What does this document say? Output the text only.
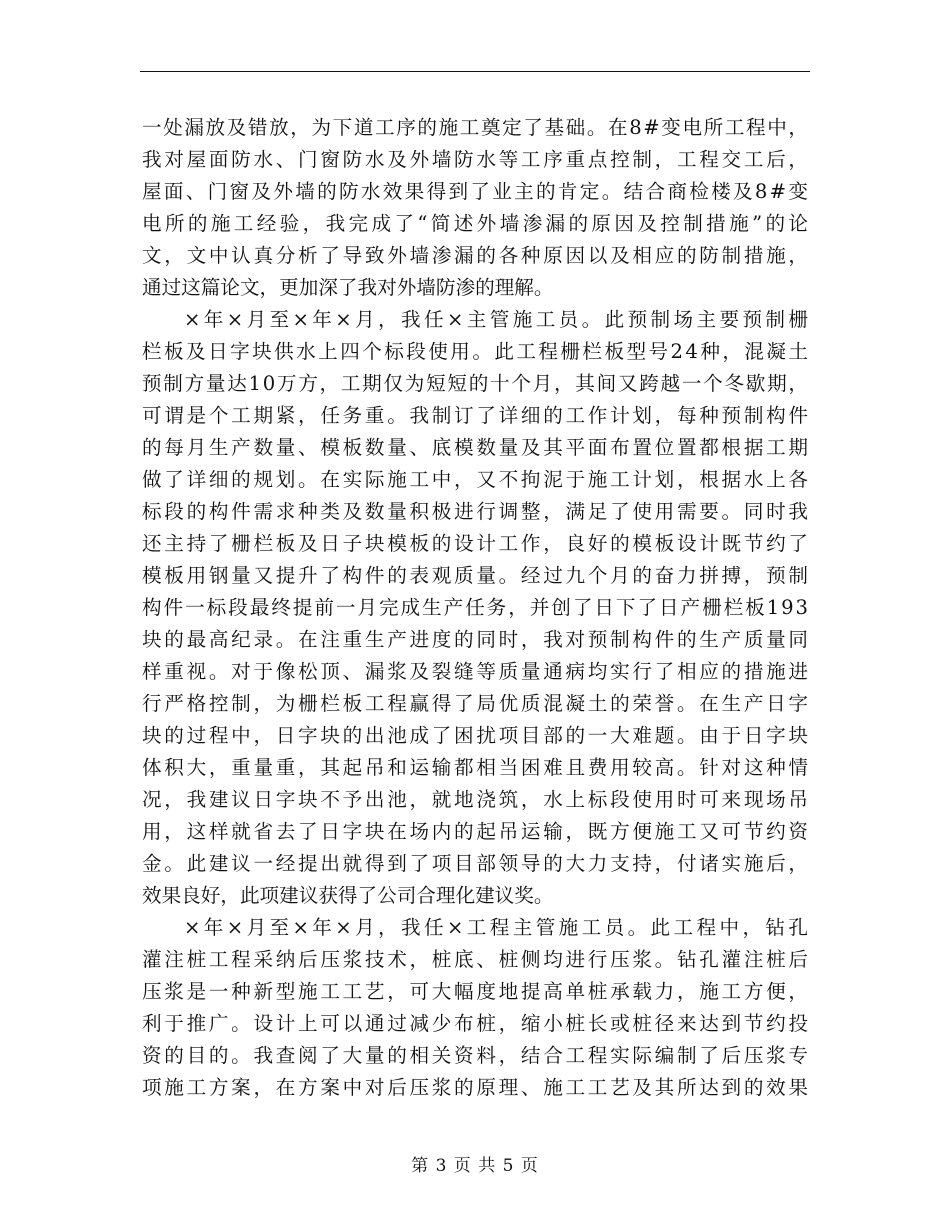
一处漏放及错放，为下道工序的施工奠定了基础。在8#变电所工程中，
我对屋面防水、门窗防水及外墙防水等工序重点控制，工程交工后，
屋面、门窗及外墙的防水效果得到了业主的肯定。结合商检楼及8#变
电所的施工经验，我完成了“简述外墙渗漏的原因及控制措施”的论
文，文中认真分析了导致外墙渗漏的各种原因以及相应的防制措施，
通过这篇论文，更加深了我对外墙防渗的理解。
×年×月至×年×月，我任×主管施工员。此预制场主要预制栅
栏板及日字块供水上四个标段使用。此工程栅栏板型号24种，混凝土
预制方量达10万方，工期仅为短短的十个月，其间又跨越一个冬歇期，
可谓是个工期紧，任务重。我制订了详细的工作计划，每种预制构件
的每月生产数量、模板数量、底模数量及其平面布置位置都根据工期
做了详细的规划。在实际施工中，又不拘泥于施工计划，根据水上各
标段的构件需求种类及数量积极进行调整，满足了使用需要。同时我
还主持了栅栏板及日子块模板的设计工作，良好的模板设计既节约了
模板用钢量又提升了构件的表观质量。经过九个月的奋力拼搏，预制
构件一标段最终提前一月完成生产任务，并创了日下了日产栅栏板193
块的最高纪录。在注重生产进度的同时，我对预制构件的生产质量同
样重视。对于像松顶、漏浆及裂缝等质量通病均实行了相应的措施进
行严格控制，为栅栏板工程赢得了局优质混凝土的荣誉。在生产日字
块的过程中，日字块的出池成了困扰项目部的一大难题。由于日字块
体积大，重量重，其起吊和运输都相当困难且费用较高。针对这种情
况，我建议日字块不予出池，就地浇筑，水上标段使用时可来现场吊
用，这样就省去了日字块在场内的起吊运输，既方便施工又可节约资
金。此建议一经提出就得到了项目部领导的大力支持，付诸实施后，
效果良好，此项建议获得了公司合理化建议奖。
×年×月至×年×月，我任×工程主管施工员。此工程中，钻孔
灌注桩工程采纳后压浆技术，桩底、桩侧均进行压浆。钻孔灌注桩后
压浆是一种新型施工工艺，可大幅度地提高单桩承载力，施工方便，
利于推广。设计上可以通过减少布桩，缩小桩长或桩径来达到节约投
资的目的。我查阅了大量的相关资料，结合工程实际编制了后压浆专
项施工方案，在方案中对后压浆的原理、施工工艺及其所达到的效果
第 3 页 共 5 页
